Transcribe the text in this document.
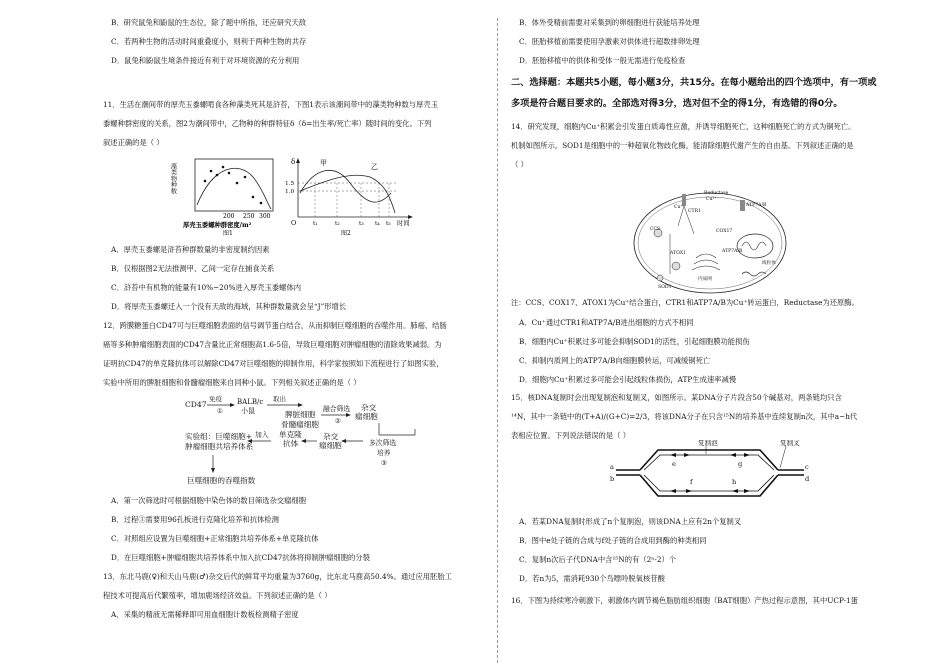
B．研究鼠兔和鼢鼠的生态位，除了题中所指，还应研究天敌
C．若两种生物的活动时间重叠度小，则利于两种生物的共存
D．鼠兔和鼢鼠生境条件接近有利于对环境资源的充分利用
11．生活在潮间带的厚壳玉黍螺啃食各种藻类死其是浒苔，下图1表示该潮间带中的藻类物种数与厚壳玉
黍螺种群密度的关系，图2为潮间带中，乙物种的种群特征δ（δ=出生率/死亡率）随时间的变化。下列
叙述正确的是（ ）
A．厚壳玉黍螺是浒苔种群数量的非密度制约因素
B．仅根据图2无法推测甲、乙间一定存在捕食关系
C．浒苔中有机物的能量有10%~20%进入厚壳玉黍螺体内
D．将厚壳玉黍螺迁入一个没有天敌的海域，其种群数量就会呈“J”形增长
12．跨膜糖蛋白CD47可与巨噬细胞表面的信号调节蛋白结合，从而抑制巨噬细胞的吞噬作用。肺癌、结肠
癌等多种肿瘤细胞表面的CD47含量比正常细胞高1.6-5倍，导致巨噬细胞对肿瘤细胞的清除效果减弱。为
证明抗CD47的单克隆抗体可以解除CD47对巨噬细胞的抑制作用，科学家按照如下流程进行了如图实验，
实验中所用的脾脏细胞和骨髓瘤细胞来自同种小鼠。下列相关叙述正确的是（ ）
A．第一次筛选时可根据细胞中染色体的数目筛选杂交瘤细胞
B．过程③需要用96孔板进行克隆化培养和抗体检测
C．对照组应设置为巨噬细胞+正常细胞共培养体系+单克隆抗体
D．在巨噬细胞+肿瘤细胞共培养体系中加入抗CD47抗体将抑制肿瘤细胞的分裂
13．东北马鹿(♀)和天山马鹿(♂)杂交后代的鲜茸平均重量为3760g，比东北马鹿高50.4%。通过应用胚胎工
程技术可提高后代繁殖率，增加鹿场经济效益。下列叙述正确的是（ ）
A．采集的精液无需稀释即可用血细胞计数板检测精子密度
B．体外受精前需要对采集到的卵细胞进行获能培养处理
C．胚胎移植前需要使用孕激素对供体进行超数排卵处理
D．胚胎移植中的供体和受体一般无需进行免疫检查
二、选择题：本题共5小题，每小题3分，共15分。在每小题给出的四个选项中，有一项或
多项是符合题目要求的。全部选对得3分，选对但不全的得1分，有选错的得0分。
14．研究发现，细胞内Cu⁺积累会引发蛋白质毒性应激，并诱导细胞死亡，这种细胞死亡的方式为铜死亡。
机制如图所示。SOD1是细胞中的一种超氧化物歧化酶，能清除细胞代谢产生的自由基。下列叙述正确的是
（ ）
注：CCS、COX17、ATOX1为Cu⁺结合蛋白，CTR1和ATP7A/B为Cu⁺转运蛋白，Reductase为还原酶。
A．Cu⁺通过CTR1和ATP7A/B进出细胞的方式不相同
B．细胞内Cu⁺积累过多可能会抑制SOD1的活性，引起细胞膜功能损伤
C．抑制内质网上的ATP7A/B向细胞膜转运，可减缓铜死亡
D．细胞内Cu⁺积累过多可能会引起线粒体损伤，ATP生成速率减慢
15．核DNA复制时会出现复制泡和复制叉，如图所示。某DNA分子片段含50个碱基对，两条链均只含
¹⁴N，其中一条链中的(T+A)/(G+C)=2/3，将该DNA分子在只含¹⁵N的培养基中连续复制n次，其中a~h代
表相应位置。下列说法错误的是（ ）
A．若某DNA复制时形成了n个复制泡，则该DNA上应有2n个复制叉
B．图中e处子链的合成与f处子链的合成用到酶的种类相同
C．复制n次后子代DNA中含¹⁵N的有（2ⁿ-2）个
D．若n为5，需消耗930个鸟嘌呤脱氧核苷酸
16．下图为持续寒冷刺激下，刺激体内调节褐色脂肪组织细胞（BAT细胞）产热过程示意图，其中UCP-1蛋
藻类物种数
200 250 300
厚壳玉黍螺种群密度/m²
图1
δ
1.5
1.0
甲	乙
O	t₁	t₂	t₃ t₄ t₅ 时间
图2
CD47
免疫
①
BALB/c 小鼠
取出
脾脏细胞
骨髓瘤细胞
融合筛选
②
杂交瘤细胞
多次筛选
培养
③
杂交瘤细胞
单克隆抗体
加入
实验组：巨噬细胞+肿瘤细胞共培养体系
巨噬细胞的吞噬指数
CCS
SOD1
CTR1
ATOX1
COX17
ATP7A/B
ATP7A/B
线粒体
内质网
Cu⁺
Cu²⁺
Reductase
复制泡	复制叉
a
b
c
d
e
f
g
h
